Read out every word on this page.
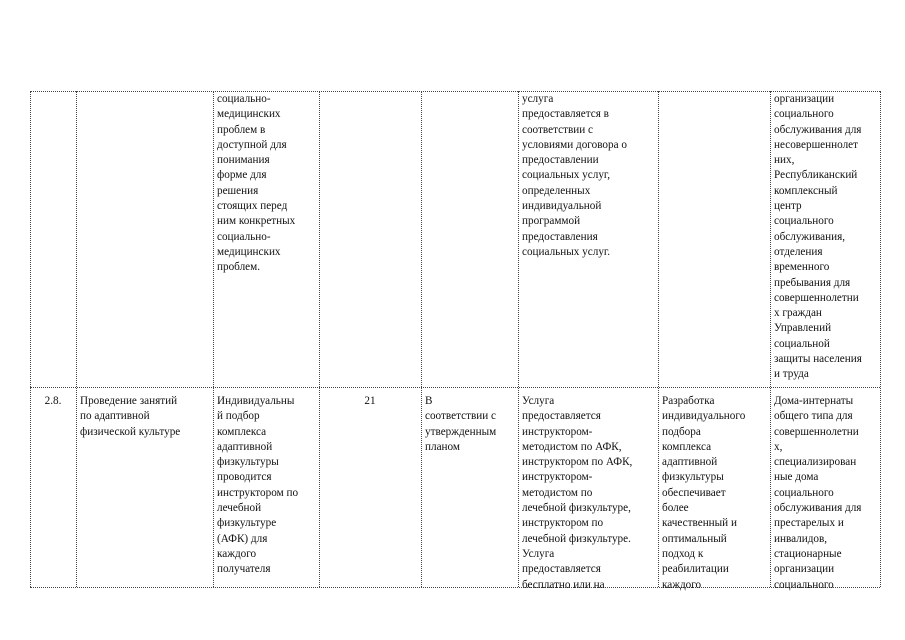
социально-
медицинских
проблем в
доступной для
понимания
форме для
решения
стоящих перед
ним конкретных
социально-
медицинских
проблем.
услуга
предоставляется в
соответствии с
условиями договора о
предоставлении
социальных услуг,
определенных
индивидуальной
программой
предоставления
социальных услуг.
организации
социального
обслуживания для
несовершеннолет
них,
Республиканский
комплексный
центр
социального
обслуживания,
отделения
временного
пребывания для
совершеннолетни
х граждан
Управлений
социальной
защиты населения
и труда
2.8.	Проведение занятий
по адаптивной
физической культуре
Индивидуальны
й подбор
комплекса
адаптивной
физкультуры
проводится
инструктором по
лечебной
физкультуре
(АФК) для
каждого
получателя
21	В
соответствии с
утвержденным
планом
Услуга
предоставляется
инструктором-
методистом по АФК,
инструктором по АФК,
инструктором-
методистом по
лечебной физкультуре,
инструктором по
лечебной физкультуре.
Услуга
предоставляется
бесплатно или на
Разработка
индивидуального
подбора
комплекса
адаптивной
физкультуры
обеспечивает
более
качественный и
оптимальный
подход к
реабилитации
каждого
Дома-интернаты
общего типа для
совершеннолетни
х,
специализирован
ные дома
социального
обслуживания для
престарелых и
инвалидов,
стационарные
организации
социального
